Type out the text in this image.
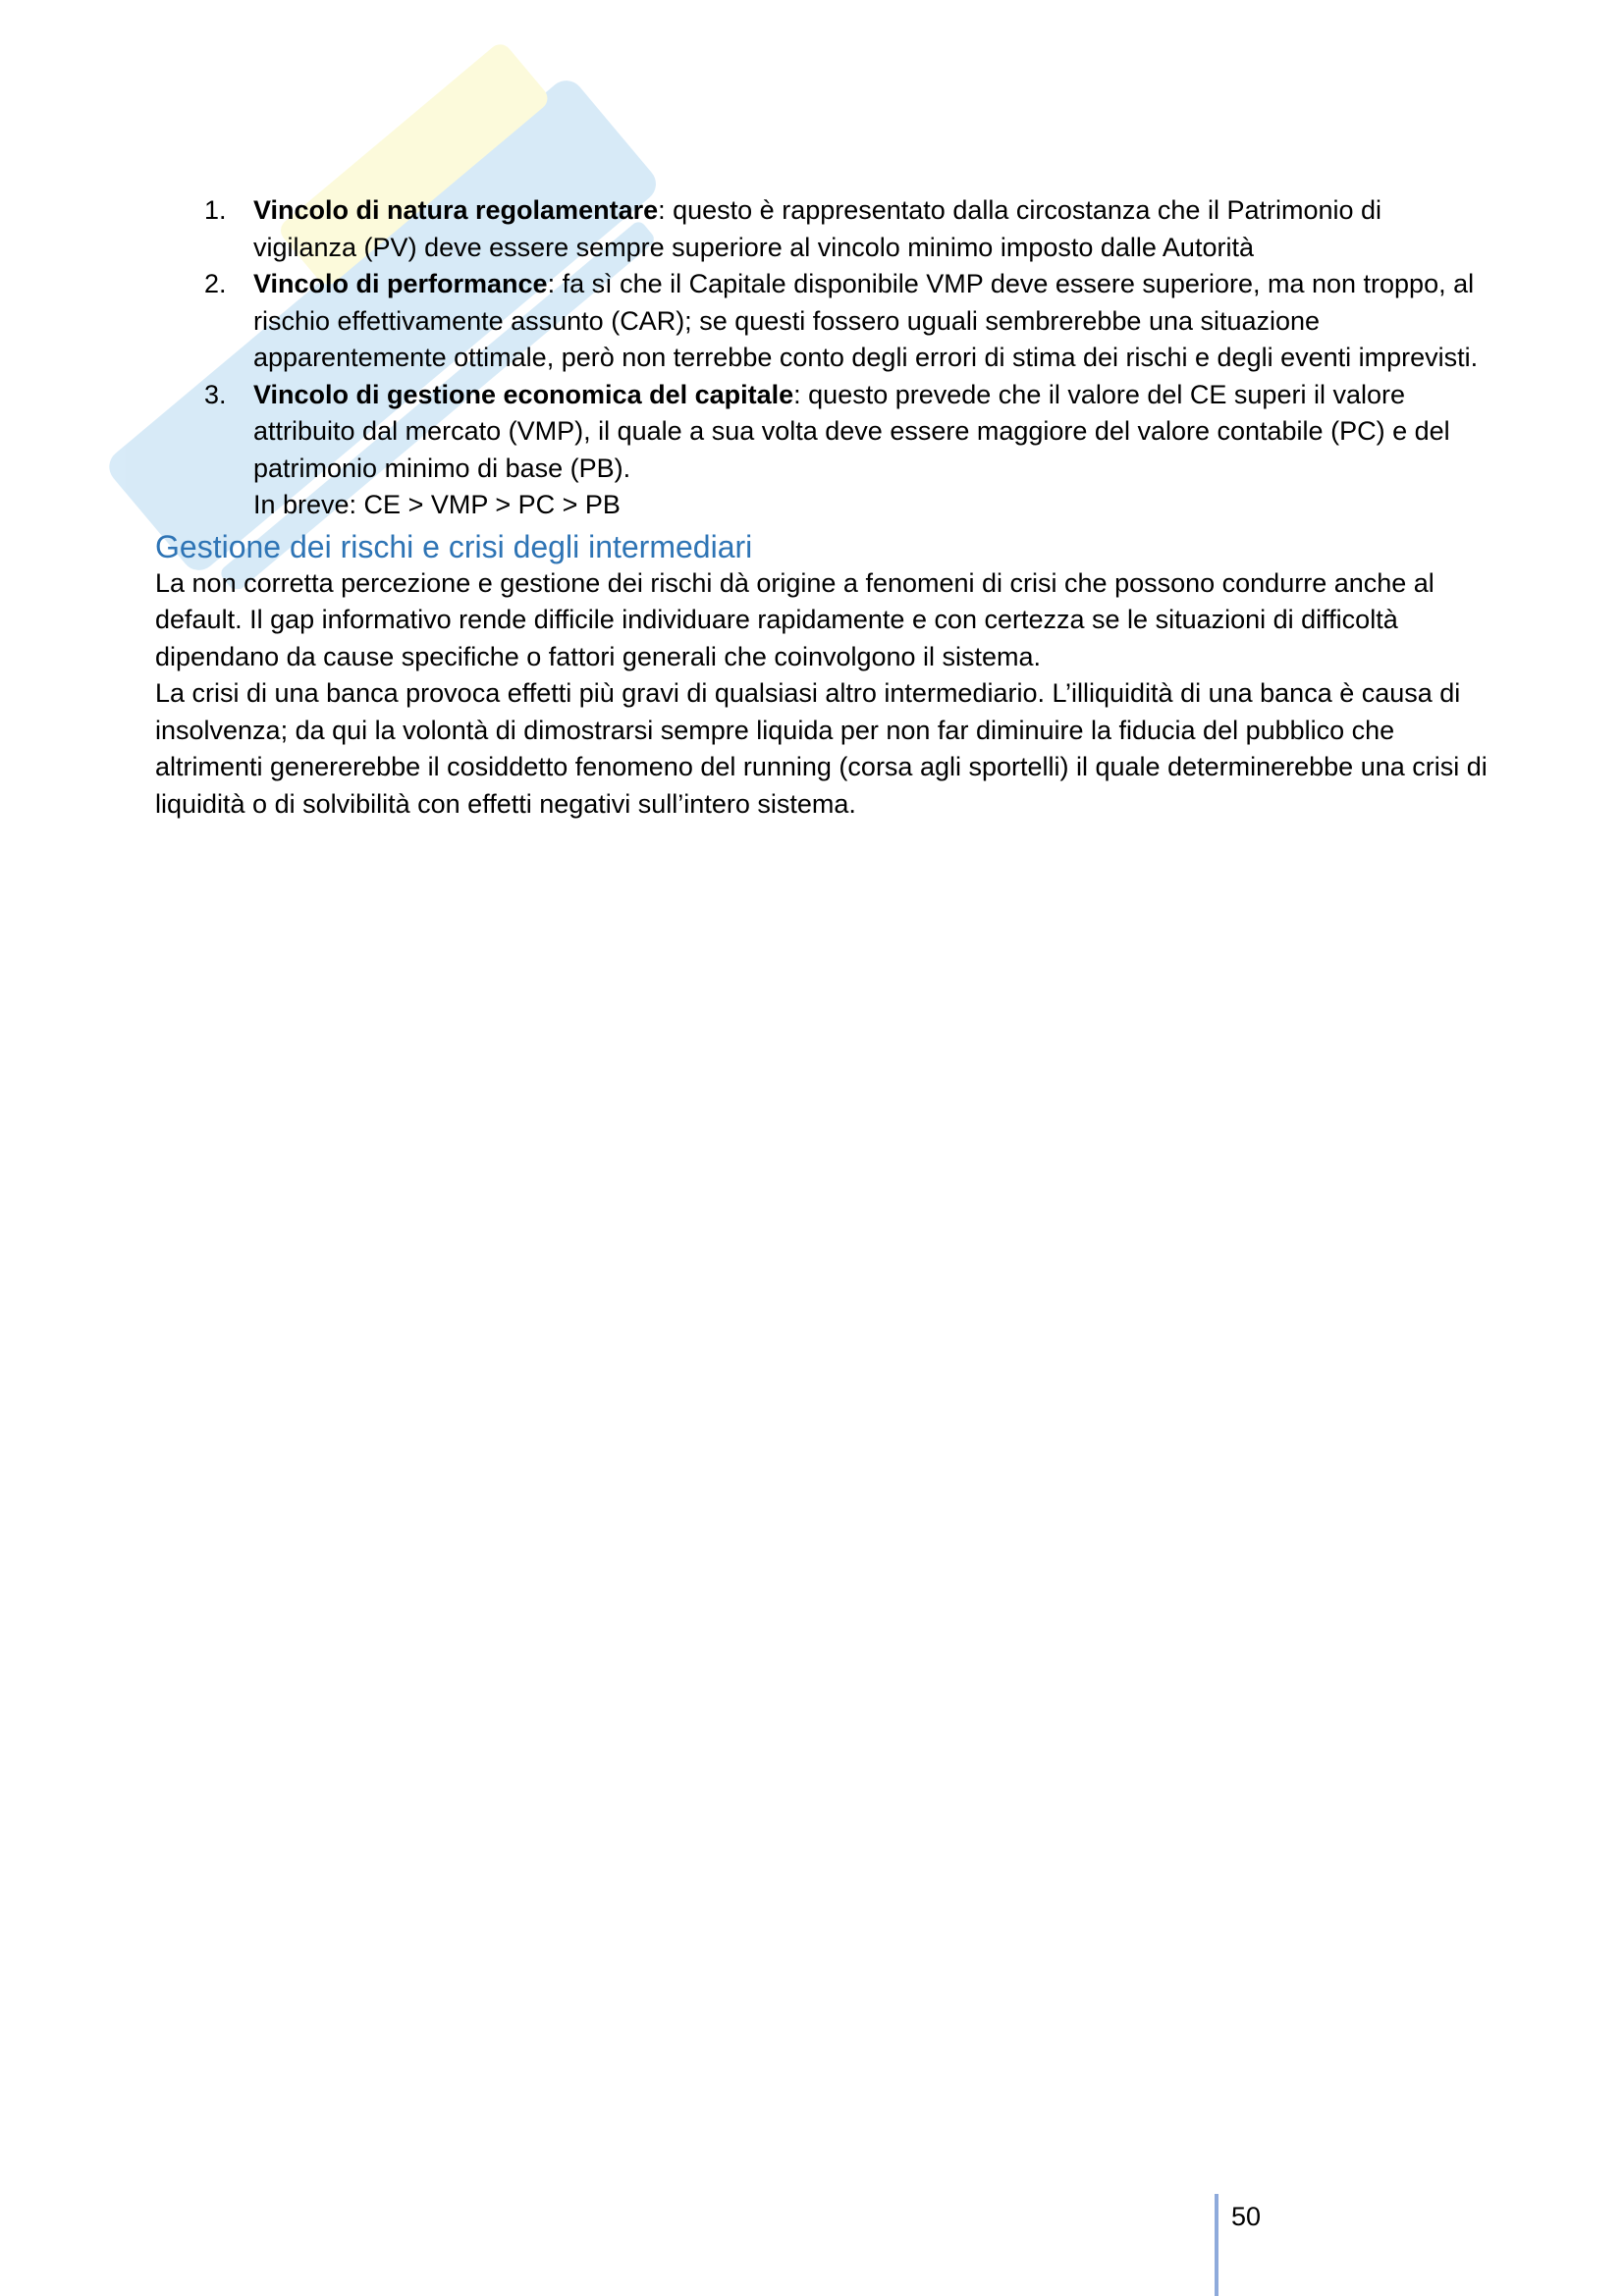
1. Vincolo di natura regolamentare: questo è rappresentato dalla circostanza che il Patrimonio di vigilanza (PV) deve essere sempre superiore al vincolo minimo imposto dalle Autorità
2. Vincolo di performance: fa sì che il Capitale disponibile VMP deve essere superiore, ma non troppo, al rischio effettivamente assunto (CAR); se questi fossero uguali sembrerebbe una situazione apparentemente ottimale, però non terrebbe conto degli errori di stima dei rischi e degli eventi imprevisti.
3. Vincolo di gestione economica del capitale: questo prevede che il valore del CE superi il valore attribuito dal mercato (VMP), il quale a sua volta deve essere maggiore del valore contabile (PC) e del patrimonio minimo di base (PB).
In breve: CE > VMP > PC > PB
Gestione dei rischi e crisi degli intermediari

La non corretta percezione e gestione dei rischi dà origine a fenomeni di crisi che possono condurre anche al default. Il gap informativo rende difficile individuare rapidamente e con certezza se le situazioni di difficoltà dipendano da cause specifiche o fattori generali che coinvolgono il sistema.

La crisi di una banca provoca effetti più gravi di qualsiasi altro intermediario. L’illiquidità di una banca è causa di insolvenza; da qui la volontà di dimostrarsi sempre liquida per non far diminuire la fiducia del pubblico che altrimenti genererebbe il cosiddetto fenomeno del running (corsa agli sportelli) il quale determinerebbe una crisi di liquidità o di solvibilità con effetti negativi sull’intero sistema.

50
